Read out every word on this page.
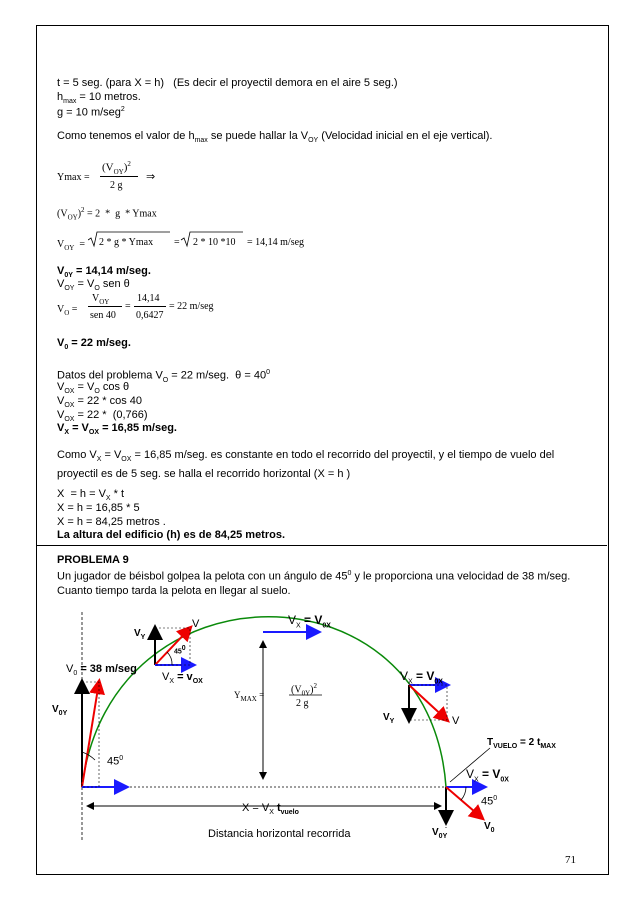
t = 5 seg. (para X = h)   (Es decir el proyectil demora en el aire 5 seg.)
$h_{max} = 10$ metros.
g = 10 m/seg$^2$
Como tenemos el valor de $h_{max}$ se puede hallar la $V_{OY}$ (Velocidad inicial en el eje vertical).
Ymax =
$(V_{OY})^2$
2 g
⇒
$(V_{OY})^2 = 2 * g * Ymax$
$V_{OY} = 2 * g * Ymax = 2 * 10$ *10 = 14,14 m/seg
$V_{0Y} = 14,14$ m/seg.
$V_{OY} = V_O$ sen θ
$V_O$ =
$V_{OY}$
sen 40
=
14,14
0,6427
= 22 m/seg
$V_0 = 22$ m/seg.
Datos del problema $V_O = 22$ m/seg.  $\theta = 40^0$
$V_{OX} = V_O$ cos θ
$V_{OX} = 22 * \cos 40$
$V_{OX} = 22 * (0,766)$
$V_X = V_{OX} = 16,85$ m/seg.
Como $V_X = V_{OX} = 16,85$ m/seg. es constante en todo el recorrido del proyectil, y el tiempo de vuelo del proyectil es de 5 seg. se halla el recorrido horizontal (X = h )
$X = h = V_X * t$
X = h = 16,85 * 5
X = h = 84,25 metros .
La altura del edificio (h) es de 84,25 metros.
PROBLEMA 9
Un jugador de béisbol golpea la pelota con un ángulo de $45^0$ y le proporciona una velocidad de 38 m/seg. Cuanto tiempo tarda la pelota en llegar al suelo.
$V_0 = 38$ m/seg
$V_{0Y}$
$45^0$
$V_Y$
V
$45^0$
$V_X = v_{OX}$
$V_X = V_{0X}$
$Y_{MAX}$ =	$(V_{0Y})^2$
2 g
$V_X = V_{0X}$
$V_Y$	V
$T_{VUELO} = 2$ $t_{MAX}$
$V_X = V_{0X}$
$45^0$
$V_{0Y}$
$V_0$
$X = V_X$ $t_{vuelo}$
Distancia horizontal recorrida
71
